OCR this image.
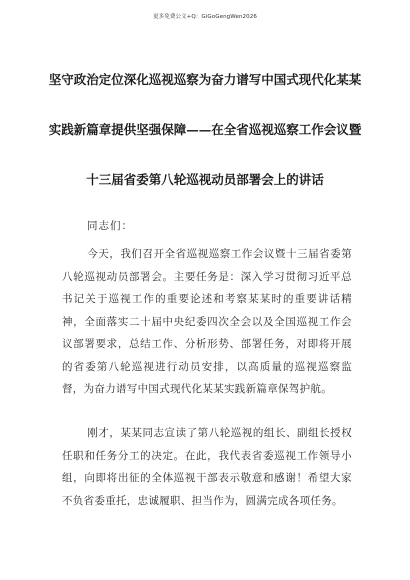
更多免费公文+Q：GiGoGengWen2026
坚守政治定位深化巡视巡察为奋力谱写中国式现代化某某
实践新篇章提供坚强保障——在全省巡视巡察工作会议暨
十三届省委第八轮巡视动员部署会上的讲话
同志们：
今天，我们召开全省巡视巡察工作会议暨十三届省委第八轮巡视动员部署会。主要任务是：深入学习贯彻习近平总书记关于巡视工作的重要论述和考察某某时的重要讲话精神，全面落实二十届中央纪委四次全会以及全国巡视工作会议部署要求，总结工作、分析形势、部署任务，对即将开展的省委第八轮巡视进行动员安排，以高质量的巡视巡察监督，为奋力谱写中国式现代化某某实践新篇章保驾护航。
刚才，某某同志宣读了第八轮巡视的组长、副组长授权任职和任务分工的决定。在此，我代表省委巡视工作领导小组，向即将出征的全体巡视干部表示敬意和感谢！希望大家不负省委重托，忠诚履职、担当作为，圆满完成各项任务。
